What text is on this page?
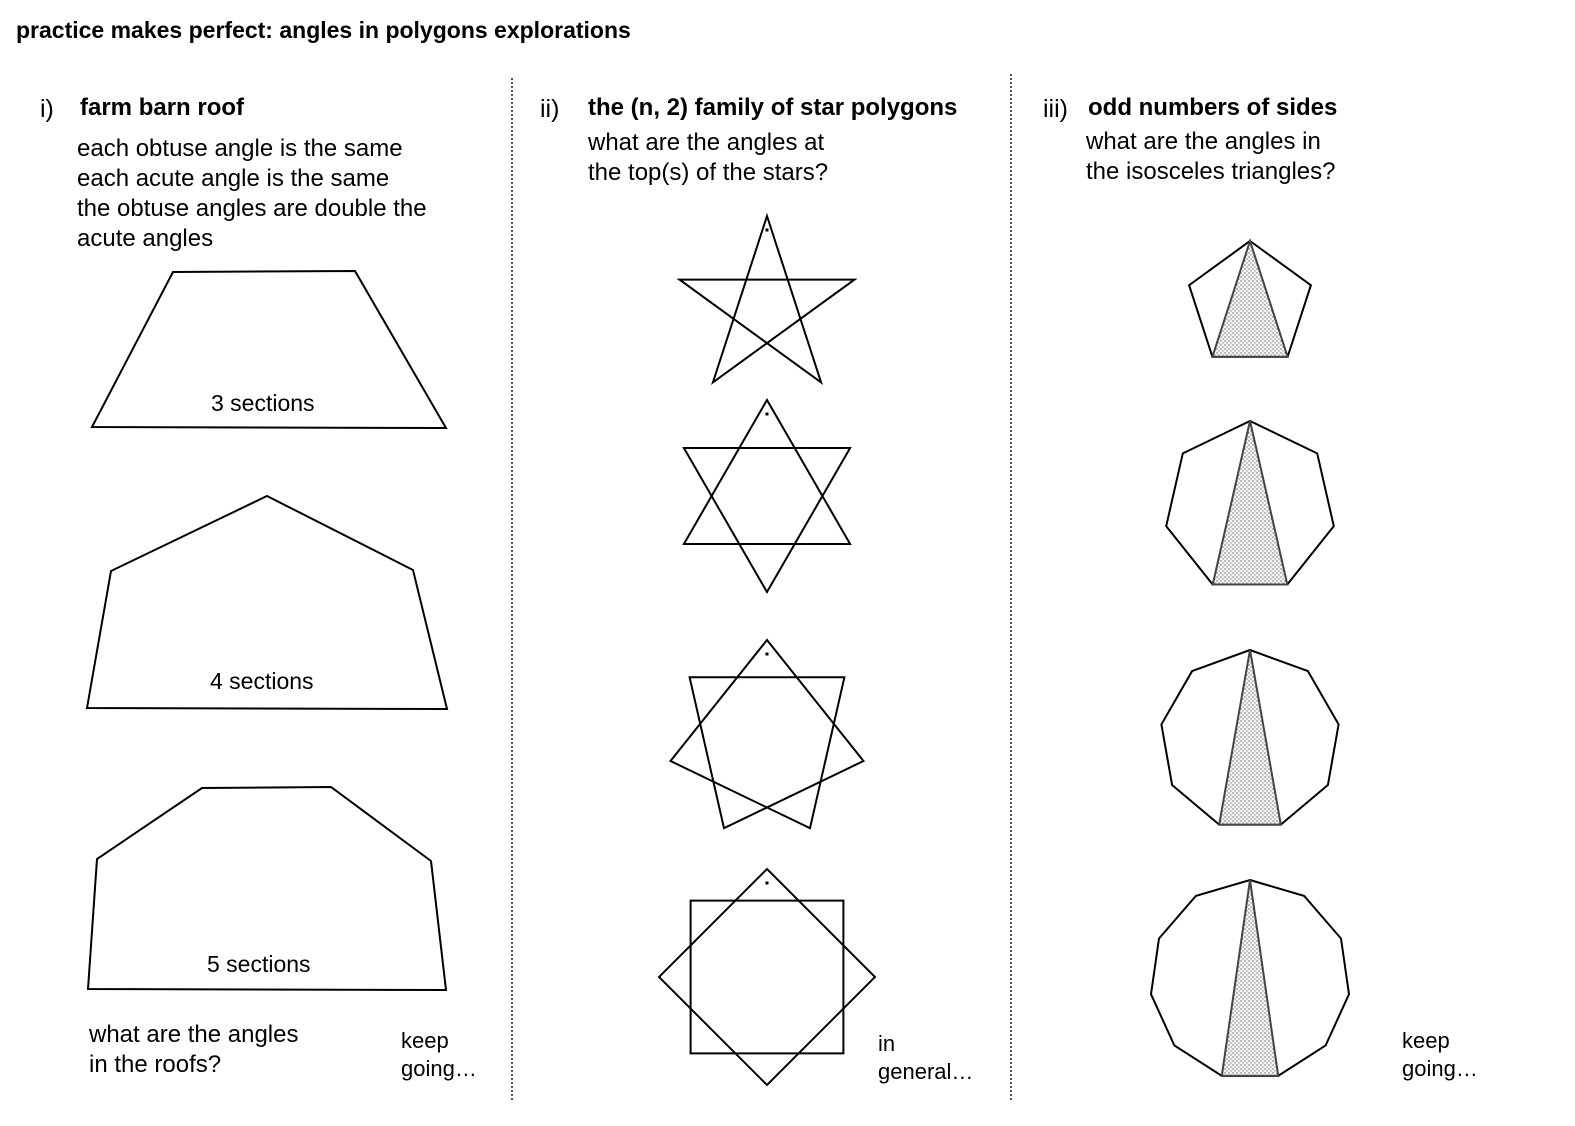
practice makes perfect: angles in polygons explorations
i) farm barn roof
each obtuse angle is the same
each acute angle is the same
the obtuse angles are double the
acute angles
3 sections
4 sections
5 sections
what are the angles
in the roofs?
keep
going…
ii) the (n, 2) family of star polygons
what are the angles at
the top(s) of the stars?
in
general…
iii) odd numbers of sides
what are the angles in
the isosceles triangles?
keep
going…
